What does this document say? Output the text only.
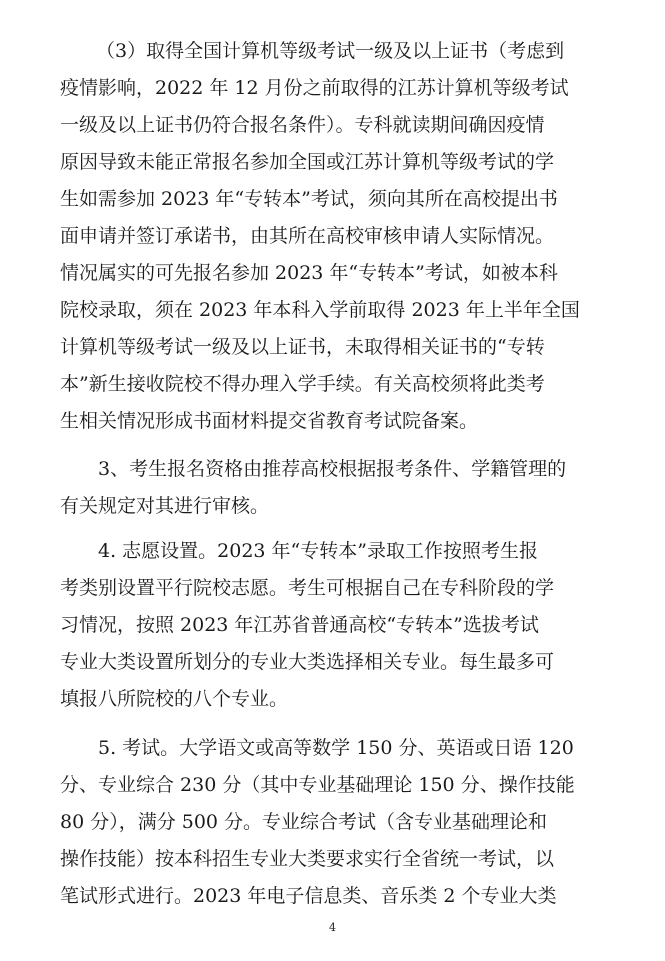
（3）取得全国计算机等级考试一级及以上证书（考虑到
疫情影响，2022 年 12 月份之前取得的江苏计算机等级考试
一级及以上证书仍符合报名条件）。专科就读期间确因疫情
原因导致未能正常报名参加全国或江苏计算机等级考试的学
生如需参加 2023 年“专转本”考试，须向其所在高校提出书
面申请并签订承诺书，由其所在高校审核申请人实际情况。
情况属实的可先报名参加 2023 年“专转本”考试，如被本科
院校录取，须在 2023 年本科入学前取得 2023 年上半年全国
计算机等级考试一级及以上证书，未取得相关证书的“专转
本”新生接收院校不得办理入学手续。有关高校须将此类考
生相关情况形成书面材料提交省教育考试院备案。
3、考生报名资格由推荐高校根据报考条件、学籍管理的
有关规定对其进行审核。
4. 志愿设置。2023 年“专转本”录取工作按照考生报
考类别设置平行院校志愿。考生可根据自己在专科阶段的学
习情况，按照 2023 年江苏省普通高校“专转本”选拔考试
专业大类设置所划分的专业大类选择相关专业。每生最多可
填报八所院校的八个专业。
5. 考试。大学语文或高等数学 150 分、英语或日语 120
分、专业综合 230 分（其中专业基础理论 150 分、操作技能
80 分），满分 500 分。专业综合考试（含专业基础理论和
操作技能）按本科招生专业大类要求实行全省统一考试，以
笔试形式进行。2023 年电子信息类、音乐类 2 个专业大类
4
